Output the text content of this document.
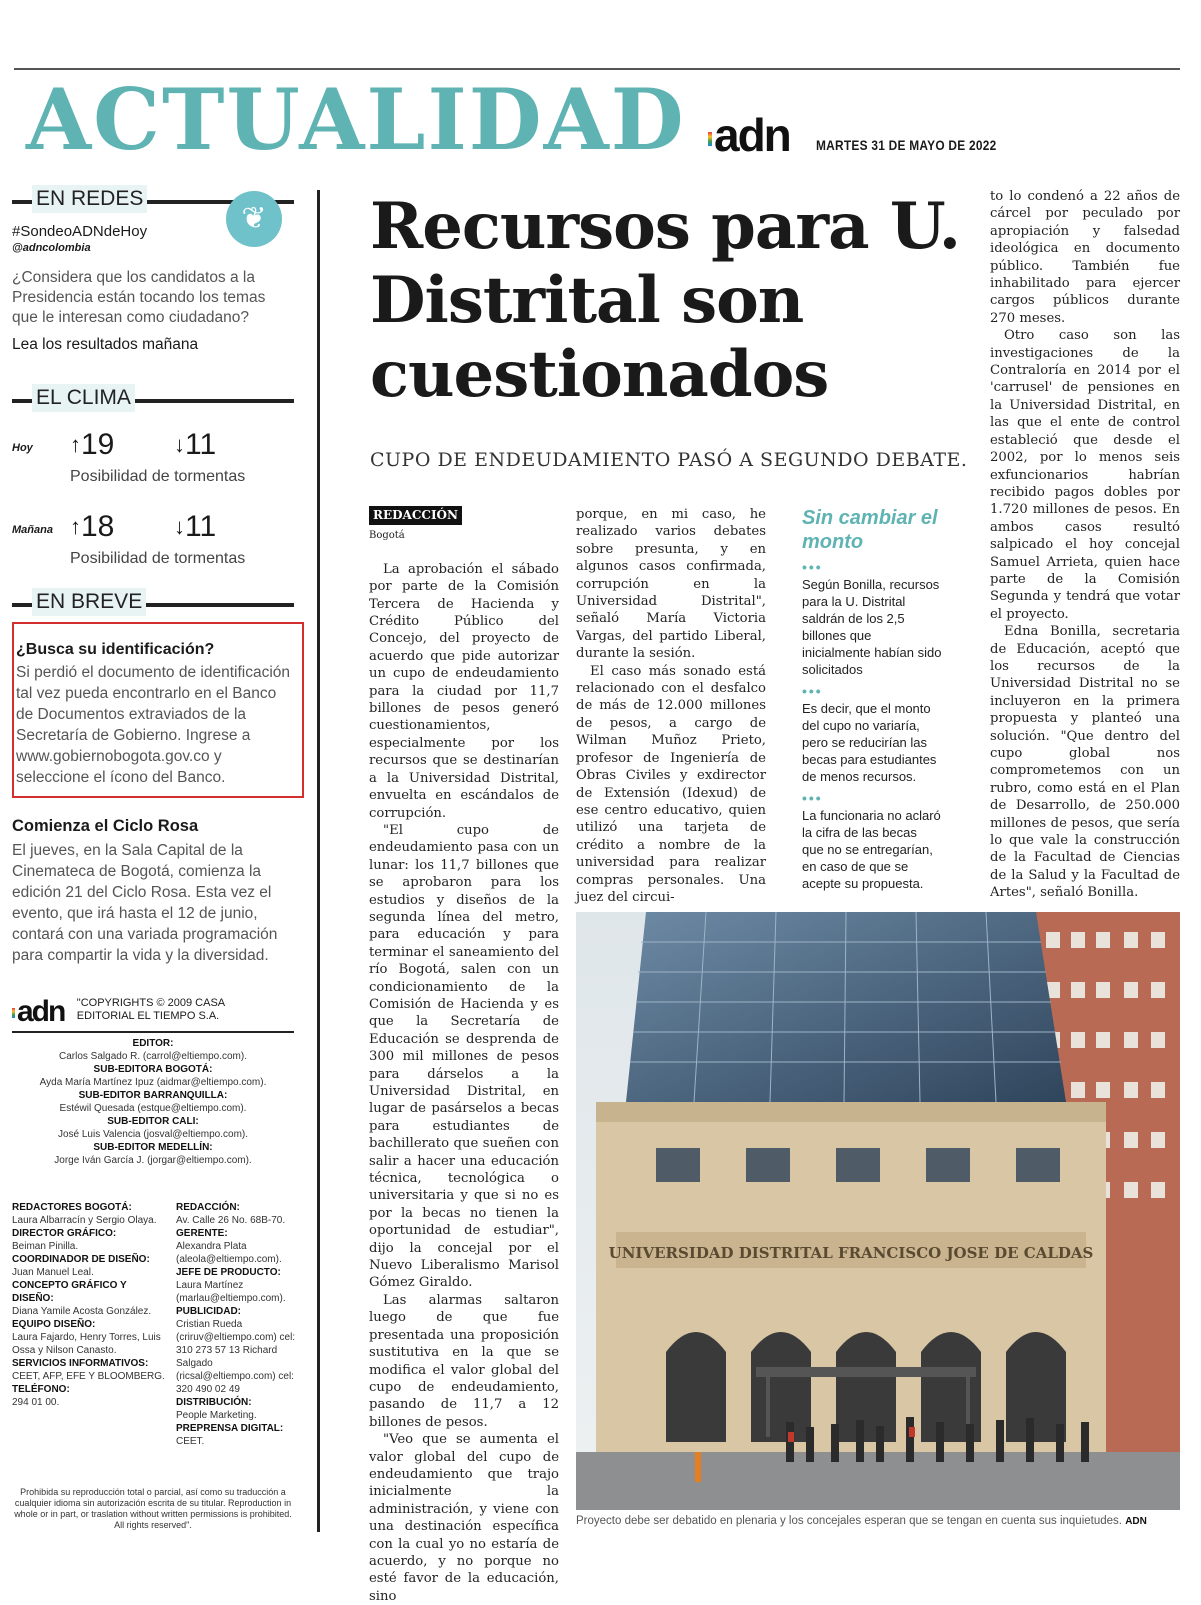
ACTUALIDAD adn MARTES 31 DE MAYO DE 2022
EN REDES
❦
#SondeoADNdeHoy
@adncolombia
¿Considera que los candidatos a la Presidencia están tocando los temas que le interesan como ciudadano?
Lea los resultados mañana
EL CLIMA
Hoy ↑19	↓11
Posibilidad de tormentas
Mañana ↑18	↓11
Posibilidad de tormentas
EN BREVE
¿Busca su identificación?
Si perdió el documento de identificación tal vez pueda encontrarlo en el Banco de Documentos extraviados de la Secretaría de Gobierno. Ingrese a www.gobiernobogota.gov.co y seleccione el ícono del Banco.
Comienza el Ciclo Rosa
El jueves, en la Sala Capital de la Cinemateca de Bogotá, comienza la edición 21 del Ciclo Rosa. Esta vez el evento, que irá hasta el 12 de junio, contará con una variada programación para compartir la vida y la diversidad.
adn "COPYRIGHTS © 2009 CASA EDITORIAL EL TIEMPO S.A.
EDITOR:
Carlos Salgado R. (carrol@eltiempo.com).
SUB-EDITORA BOGOTÁ:
Ayda María Martínez Ipuz (aidmar@eltiempo.com).
SUB-EDITOR BARRANQUILLA:
Estéwil Quesada (estque@eltiempo.com).
SUB-EDITOR CALI:
José Luis Valencia (josval@eltiempo.com).
SUB-EDITOR MEDELLÍN:
Jorge Iván García J. (jorgar@eltiempo.com).
REDACTORES BOGOTÁ:
Laura Albarracín y Sergio Olaya.
DIRECTOR GRÁFICO:
Beiman Pinilla.
COORDINADOR DE DISEÑO:
Juan Manuel Leal.
CONCEPTO GRÁFICO Y DISEÑO:
Diana Yamile Acosta González.
EQUIPO DISEÑO:
Laura Fajardo, Henry Torres, Luis Ossa y Nilson Canasto.
SERVICIOS INFORMATIVOS:
CEET, AFP, EFE Y BLOOMBERG.
TELÉFONO:
294 01 00.
REDACCIÓN:
Av. Calle 26 No. 68B-70.
GERENTE:
Alexandra Plata (aleola@eltiempo.com).
JEFE DE PRODUCTO:
Laura Martínez (marlau@eltiempo.com).
PUBLICIDAD:
Cristian Rueda (criruv@eltiempo.com) cel: 310 273 57 13 Richard Salgado (ricsal@eltiempo.com) cel: 320 490 02 49
DISTRIBUCIÓN:
People Marketing.
PREPRENSA DIGITAL:
CEET.
Prohibida su reproducción total o parcial, así como su traducción a cualquier idioma sin autorización escrita de su titular. Reproduction in whole or in part, or traslation without written permissions is prohibited. All rights reserved".
Recursos para U. Distrital son cuestionados
CUPO DE ENDEUDAMIENTO PASÓ A SEGUNDO DEBATE.
REDACCIÓN
Bogotá

La aprobación el sábado por parte de la Comisión Tercera de Hacienda y Crédito Público del Concejo, del proyecto de acuerdo que pide autorizar un cupo de endeudamiento para la ciudad por 11,7 billones de pesos generó cuestionamientos, especialmente por los recursos que se destinarían a la Universidad Distrital, envuelta en escándalos de corrupción.

"El cupo de endeudamiento pasa con un lunar: los 11,7 billones que se aprobaron para los estudios y diseños de la segunda línea del metro, para educación y para terminar el saneamiento del río Bogotá, salen con un condicionamiento de la Comisión de Hacienda y es que la Secretaría de Educación se desprenda de 300 mil millones de pesos para dárselos a la Universidad Distrital, en lugar de pasárselos a becas para estudiantes de bachillerato que sueñen con salir a hacer una educación técnica, tecnológica o universitaria y que si no es por la becas no tienen la oportunidad de estudiar", dijo la concejal por el Nuevo Liberalismo Marisol Gómez Giraldo.

Las alarmas saltaron luego de que fue presentada una proposición sustitutiva en la que se modifica el valor global del cupo de endeudamiento, pasando de 11,7 a 12 billones de pesos.

"Veo que se aumenta el valor global del cupo de endeudamiento que trajo inicialmente la administración, y viene con una destinación específica con la cual yo no estaría de acuerdo, y no porque no esté favor de la educación, sino

porque, en mi caso, he realizado varios debates sobre presunta, y en algunos casos confirmada, corrupción en la Universidad Distrital", señaló María Victoria Vargas, del partido Liberal, durante la sesión.

El caso más sonado está relacionado con el desfalco de más de 12.000 millones de pesos, a cargo de Wilman Muñoz Prieto, profesor de Ingeniería de Obras Civiles y exdirector de Extensión (Idexud) de ese centro educativo, quien utilizó una tarjeta de crédito a nombre de la universidad para realizar compras personales. Una juez del circui-

Sin cambiar el monto
•••
Según Bonilla, recursos para la U. Distrital saldrán de los 2,5 billones que inicialmente habían sido solicitados
•••
Es decir, que el monto del cupo no variaría, pero se reducirían las becas para estudiantes de menos recursos.
•••
La funcionaria no aclaró la cifra de las becas que no se entregarían, en caso de que se acepte su propuesta.

to lo condenó a 22 años de cárcel por peculado por apropiación y falsedad ideológica en documento público. También fue inhabilitado para ejercer cargos públicos durante 270 meses.

Otro caso son las investigaciones de la Contraloría en 2014 por el 'carrusel' de pensiones en la Universidad Distrital, en las que el ente de control estableció que desde el 2002, por lo menos seis exfuncionarios habrían recibido pagos dobles por 1.720 millones de pesos. En ambos casos resultó salpicado el hoy concejal Samuel Arrieta, quien hace parte de la Comisión Segunda y tendrá que votar el proyecto.

Edna Bonilla, secretaria de Educación, aceptó que los recursos de la Universidad Distrital no se incluyeron en la primera propuesta y planteó una solución. "Que dentro del cupo global nos comprometemos con un rubro, como está en el Plan de Desarrollo, de 250.000 millones de pesos, que sería lo que vale la construcción de la Facultad de Ciencias de la Salud y la Facultad de Artes", señaló Bonilla.

UNIVERSIDAD DISTRITAL FRANCISCO JOSE DE CALDAS
Proyecto debe ser debatido en plenaria y los concejales esperan que se tengan en cuenta sus inquietudes. ADN
